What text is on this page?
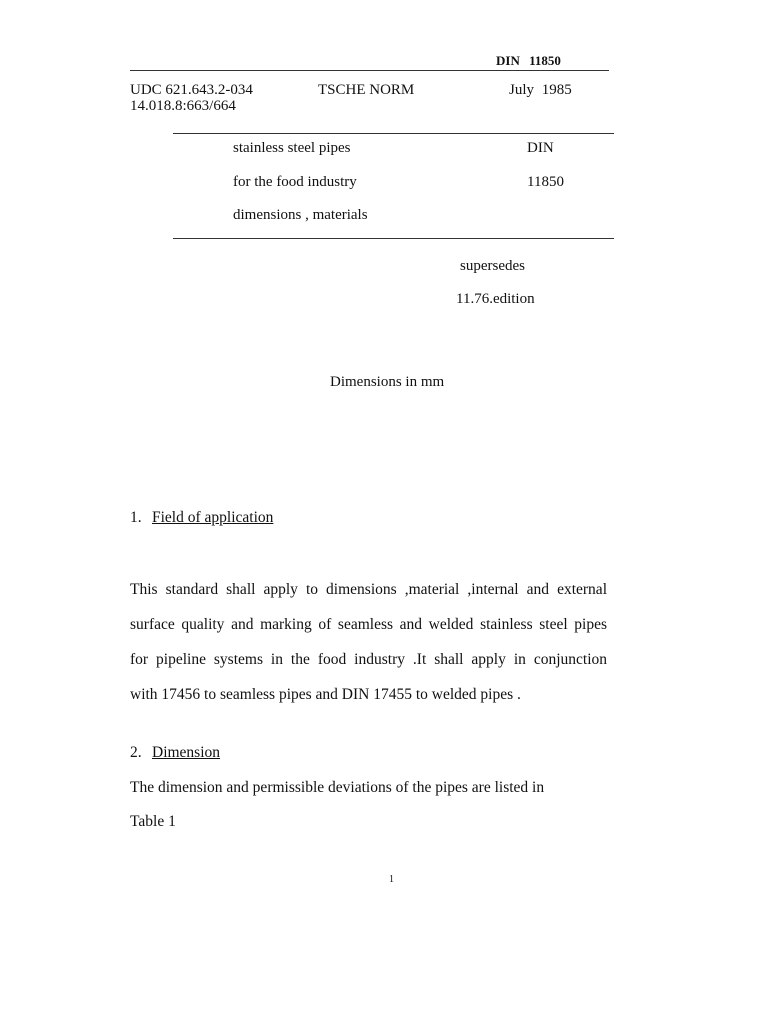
DIN 11850
UDC 621.643.2-034
14.018.8:663/664
TSCHE NORM	July 1985
stainless steel pipes
for the food industry
dimensions , materials
DIN
11850
supersedes
11.76.edition
Dimensions in mm
1. Field of application
This standard shall apply to dimensions ,material ,internal and external
surface quality and marking of seamless and welded stainless steel pipes
for pipeline systems in the food industry .It shall apply in conjunction
with 17456 to seamless pipes and DIN 17455 to welded pipes .
2. Dimension
The dimension and permissible deviations of the pipes are listed in
Table 1
1
